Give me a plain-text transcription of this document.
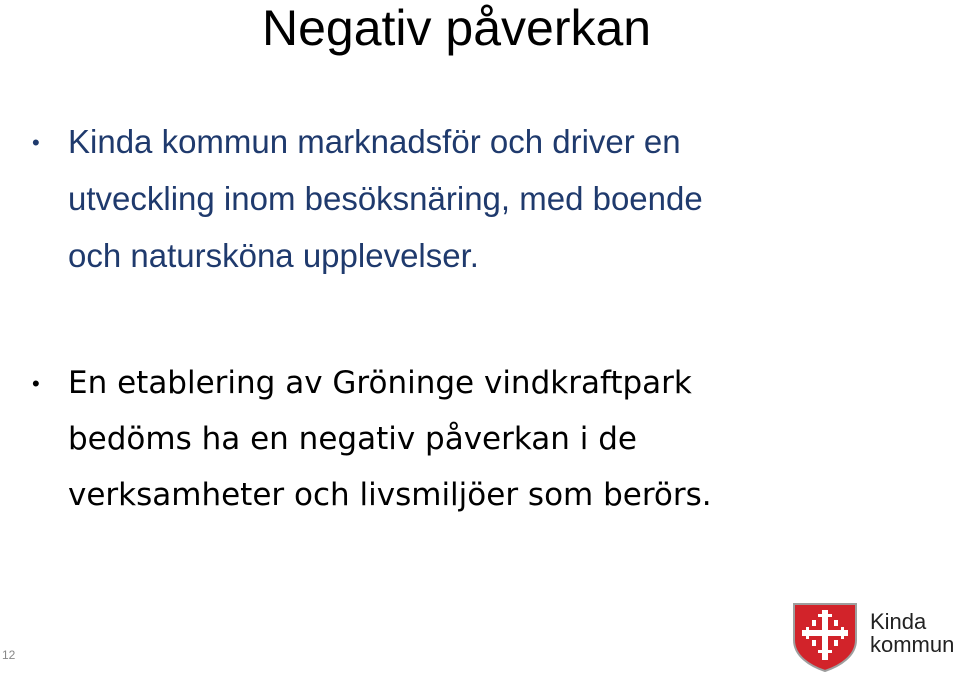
Negativ påverkan
• Kinda kommun marknadsför och driver en
utveckling inom besöksnäring, med boende
och natursköna upplevelser.

• En etablering av Gröninge vindkraftpark
bedöms ha en negativ påverkan i de
verksamheter och livsmiljöer som berörs.

12
Kinda
kommun
